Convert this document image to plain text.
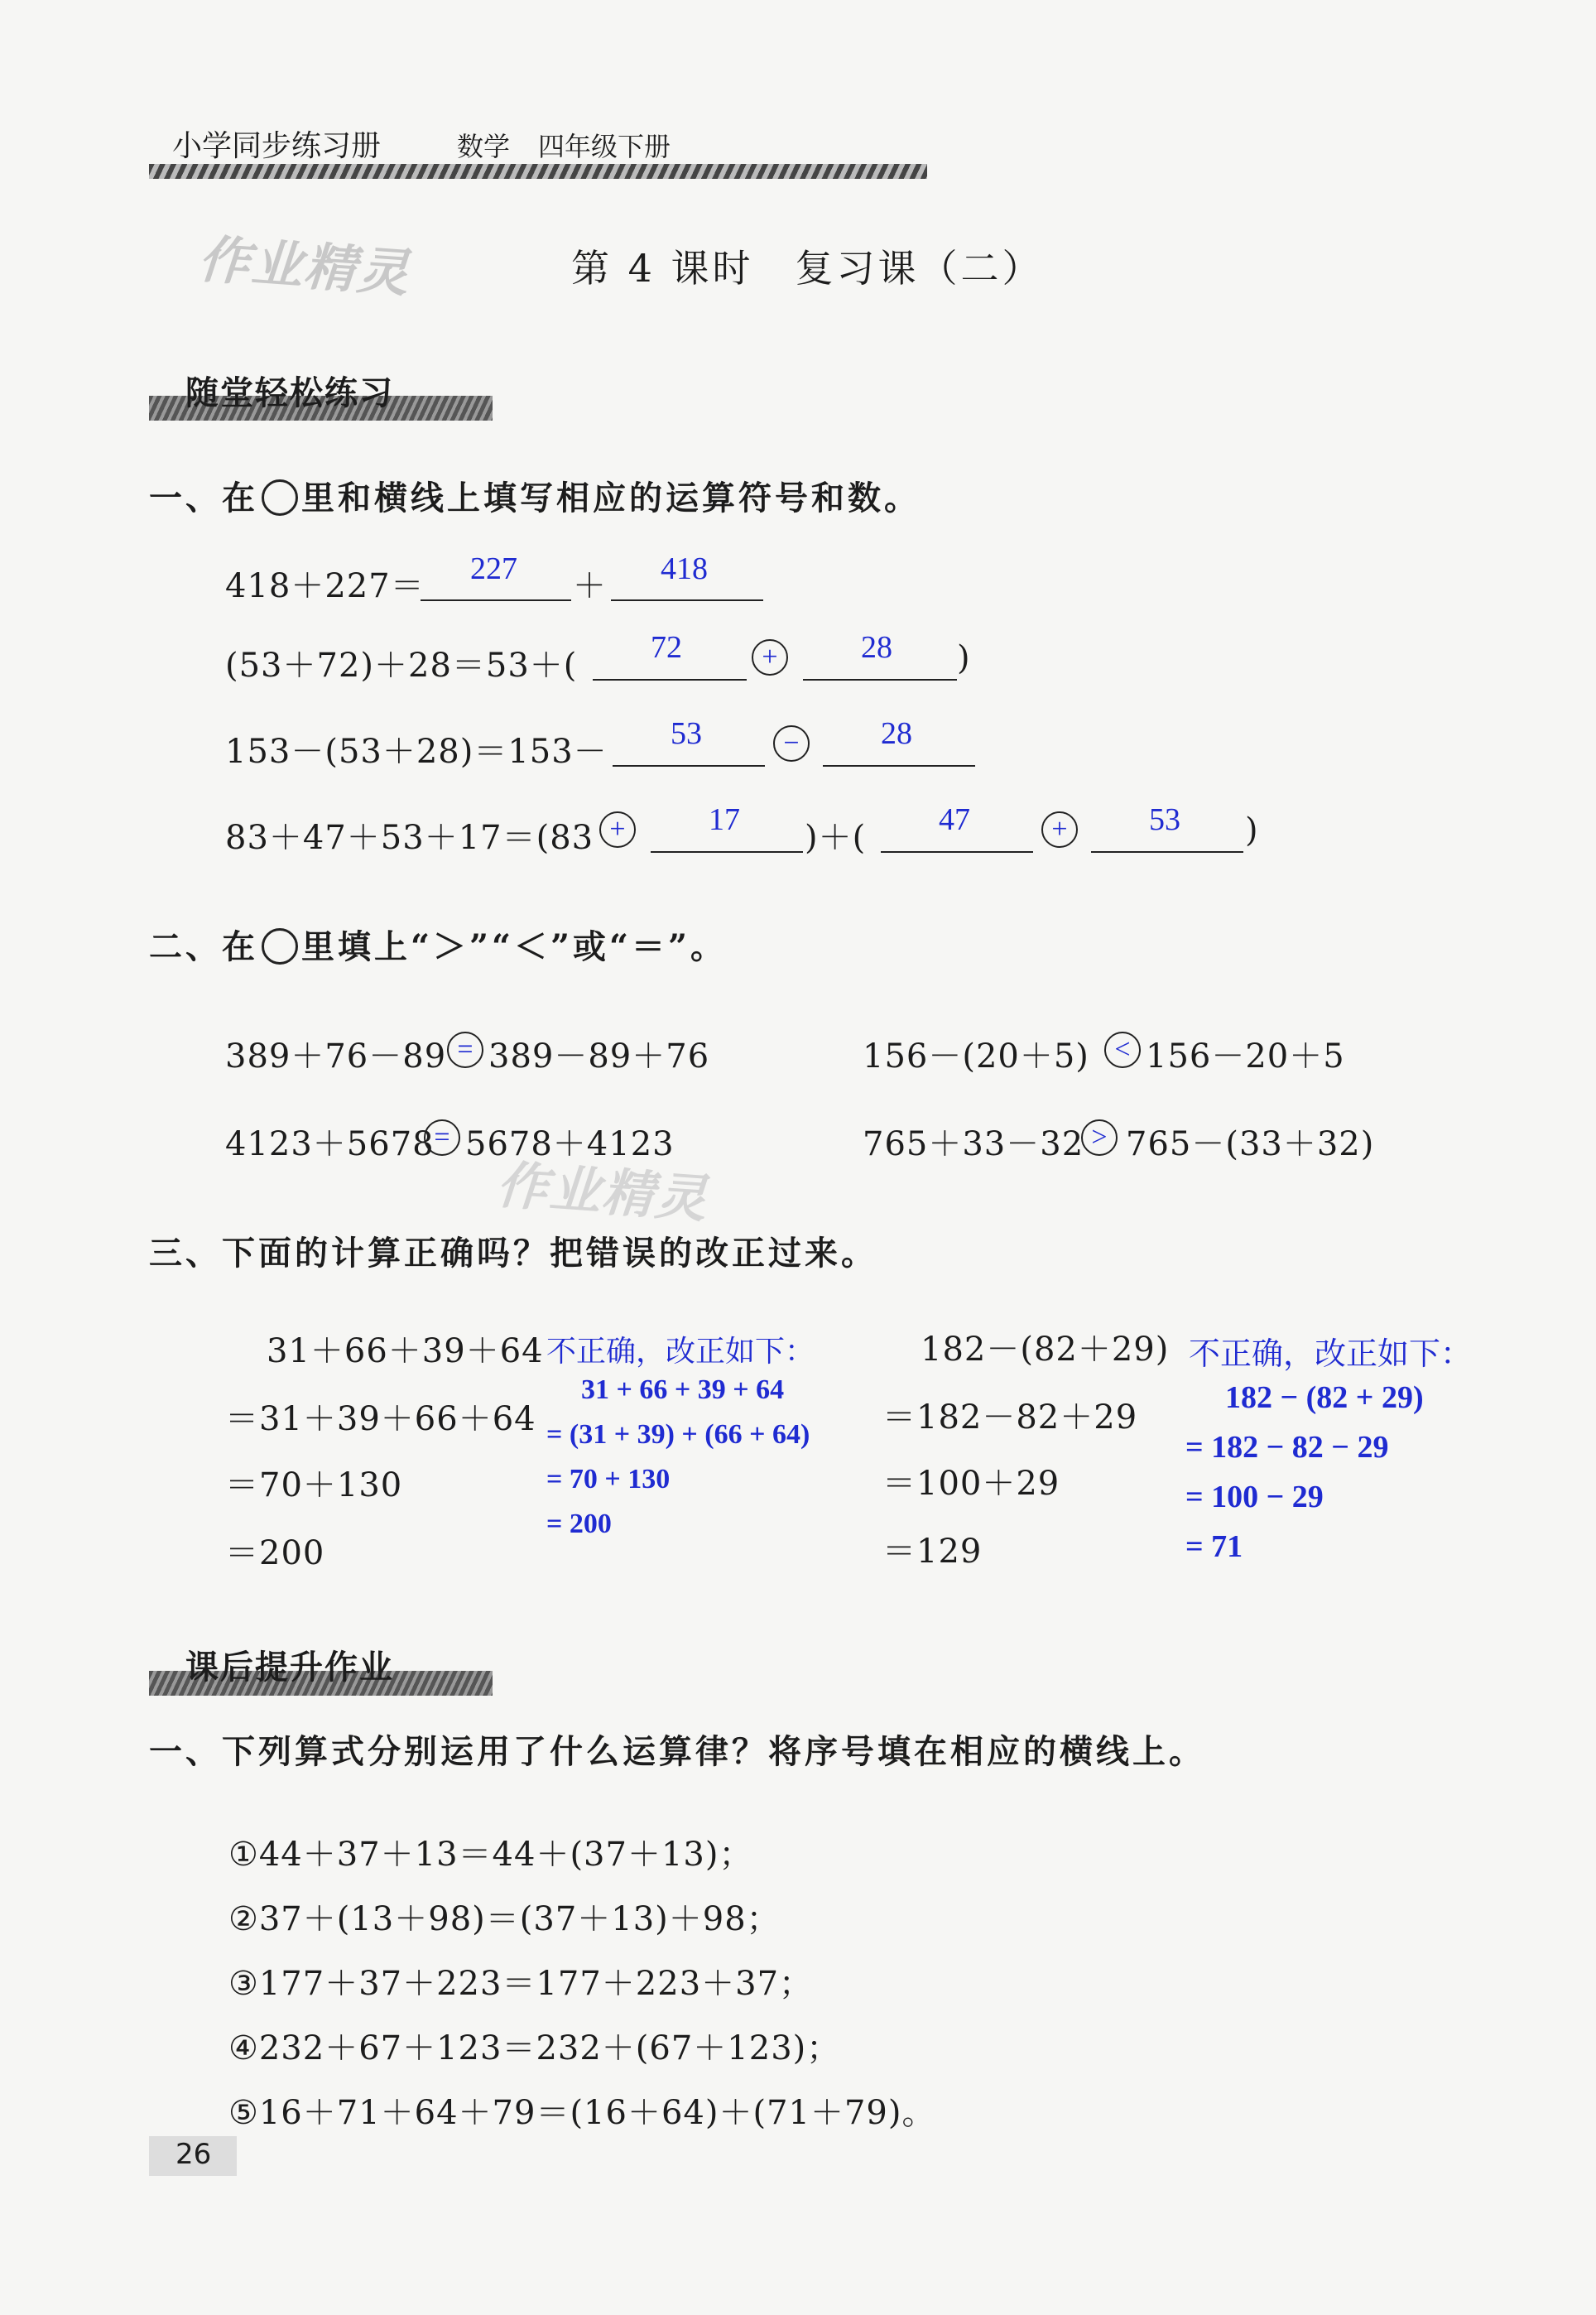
小学同步练习册	数学 四年级下册
作业精灵
作业精灵
第 4 课时　复习课（二）
随堂轻松练习
一、在 里和横线上填写相应的运算符号和数。
418＋227＝ 227 ＋ 418
(53＋72)＋28＝53＋( 72	+	28 )
153－(53＋28)＝153－ 53	−	28
83＋47＋53＋17＝(83 +	17 )＋( 47	+	53 )
二、在 里填上“＞”“＜”或“＝”。
389＋76－89 = 389－89＋76	156－(20＋5) < 156－20＋5
4123＋5678 = 5678＋4123	765＋33－32 > 765－(33＋32)
三、下面的计算正确吗？把错误的改正过来。
31＋66＋39＋64
＝31＋39＋66＋64
＝70＋130
＝200
不正确，改正如下：
31 + 66 + 39 + 64
= (31 + 39) + (66 + 64)
= 70 + 130
= 200
182－(82＋29)
＝182－82＋29
＝100＋29
＝129
不正确，改正如下：
182 − (82 + 29)
= 182 − 82 − 29
= 100 − 29
= 71
课后提升作业
一、下列算式分别运用了什么运算律？将序号填在相应的横线上。
①44＋37＋13＝44＋(37＋13)；
②37＋(13＋98)＝(37＋13)＋98；
③177＋37＋223＝177＋223＋37；
④232＋67＋123＝232＋(67＋123)；
⑤16＋71＋64＋79＝(16＋64)＋(71＋79)。
26
